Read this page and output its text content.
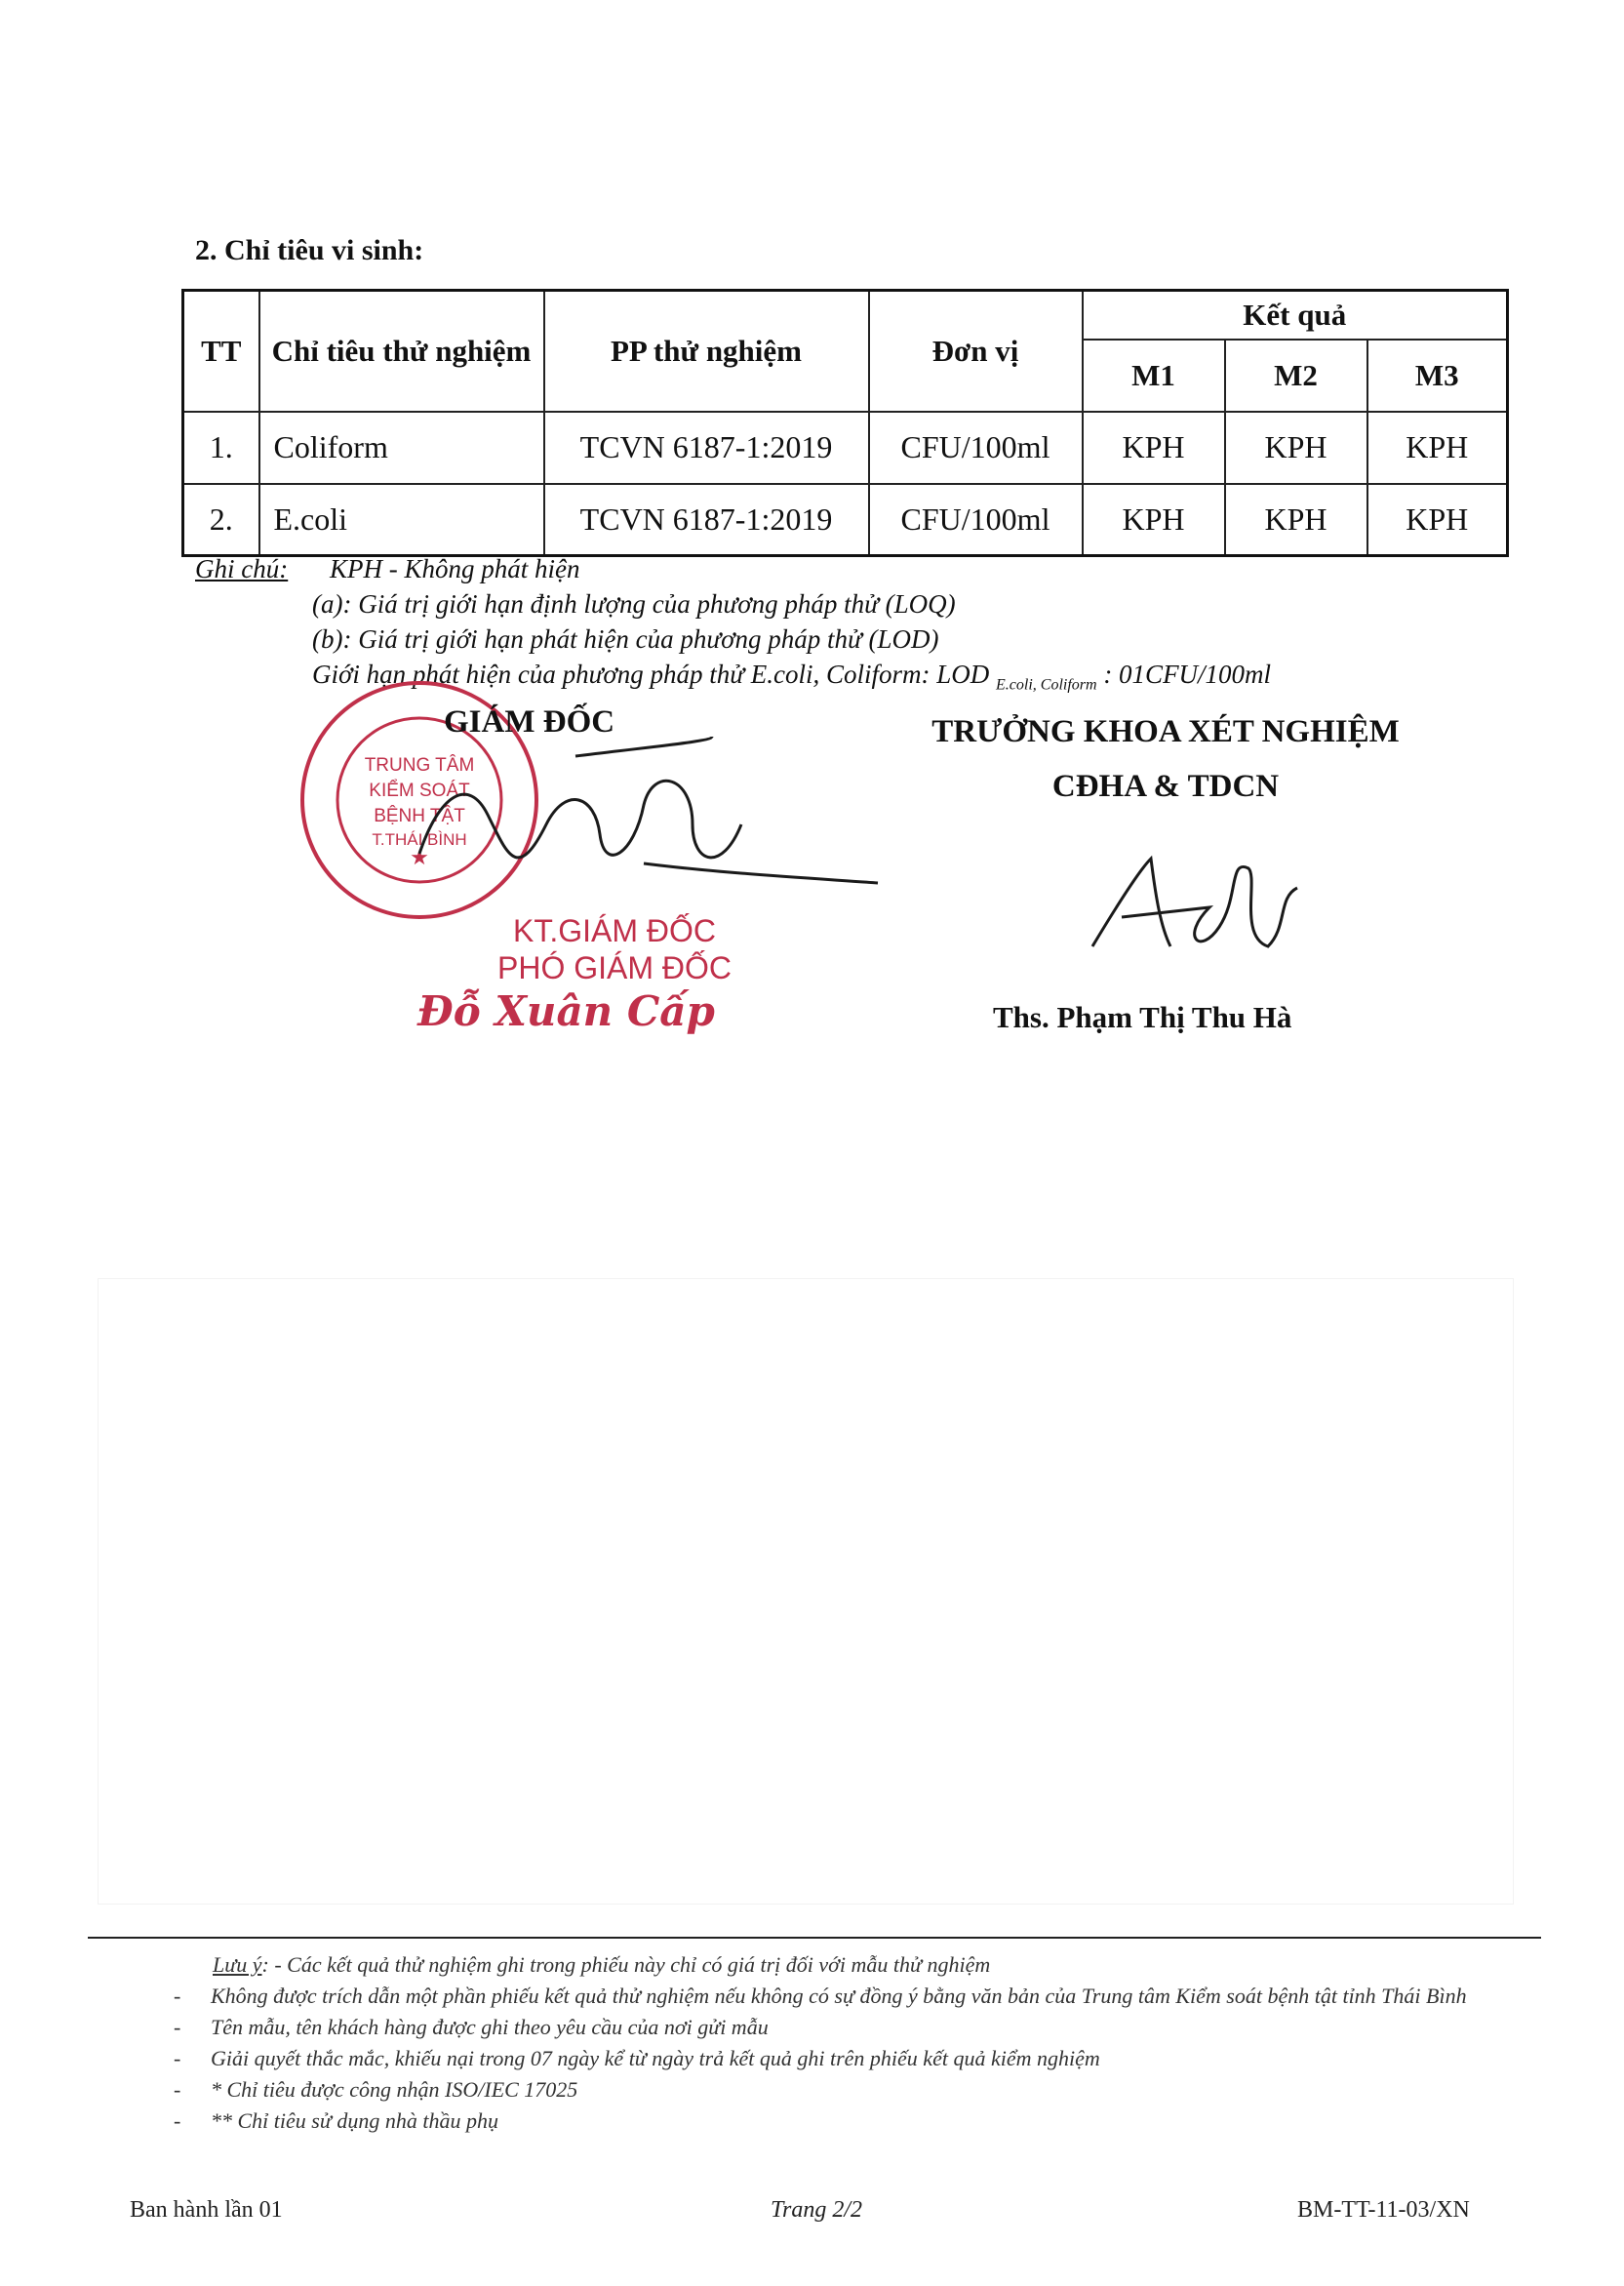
2. Chỉ tiêu vi sinh:
TT	Chỉ tiêu thử nghiệm	PP thử nghiệm	Đơn vị	Kết quả		
				M1	M2	M3
1.	Coliform	TCVN 6187-1:2019	CFU/100ml	KPH	KPH	KPH
2.	E.coli	TCVN 6187-1:2019	CFU/100ml	KPH	KPH	KPH
Ghi chú: KPH - Không phát hiện
(a): Giá trị giới hạn định lượng của phương pháp thử (LOQ)
(b): Giá trị giới hạn phát hiện của phương pháp thử (LOD)
Giới hạn phát hiện của phương pháp thử E.coli, Coliform: LOD $_{E.coli, Coliform}$ : 01CFU/100ml
★
TRUNG TÂM
KIỂM SOÁT
BỆNH TẬT
T.THÁI BÌNH
GIÁM ĐỐC
KT.GIÁM ĐỐC
PHÓ GIÁM ĐỐC
Đỗ Xuân Cấp
TRƯỞNG KHOA XÉT NGHIỆM
CĐHA & TDCN
Ths. Phạm Thị Thu Hà
Lưu ý: - Các kết quả thử nghiệm ghi trong phiếu này chỉ có giá trị đối với mẫu thử nghiệm
-	Không được trích dẫn một phần phiếu kết quả thử nghiệm nếu không có sự đồng ý bằng văn bản của Trung tâm Kiểm soát bệnh tật tỉnh Thái Bình
-	Tên mẫu, tên khách hàng được ghi theo yêu cầu của nơi gửi mẫu
-	Giải quyết thắc mắc, khiếu nại trong 07 ngày kể từ ngày trả kết quả ghi trên phiếu kết quả kiểm nghiệm
-	* Chỉ tiêu được công nhận ISO/IEC 17025
-	** Chỉ tiêu sử dụng nhà thầu phụ
Ban hành lần 01	Trang 2/2	BM-TT-11-03/XN
